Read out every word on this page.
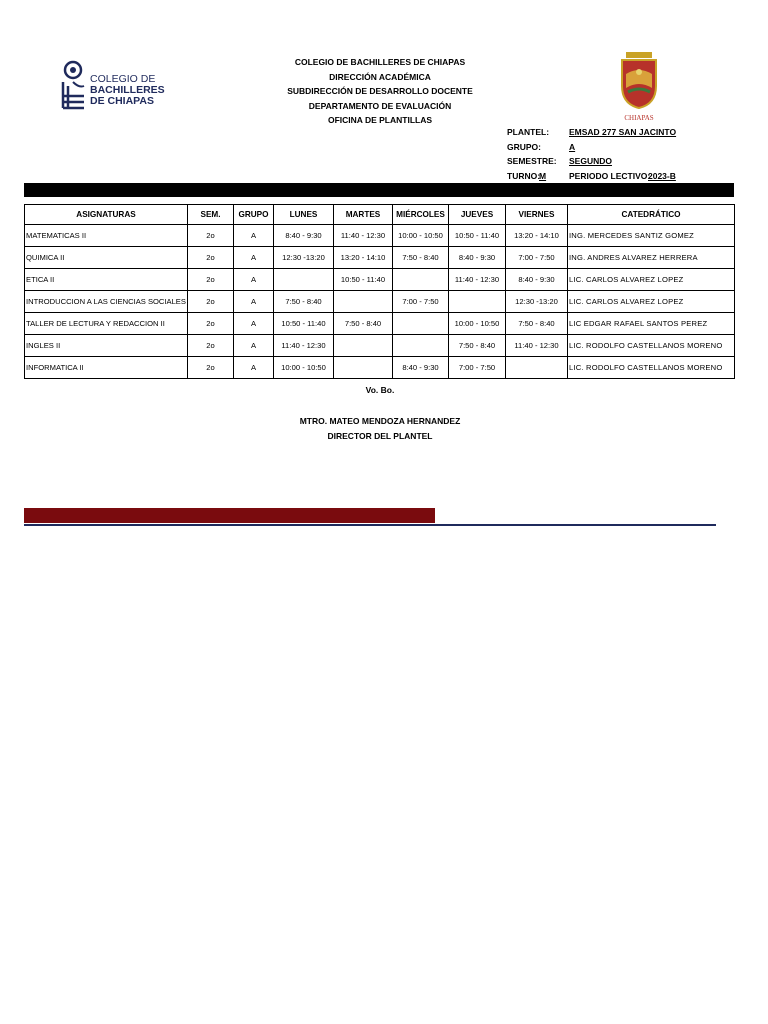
COLEGIO DE
BACHILLERES
DE CHIAPAS
COLEGIO DE BACHILLERES DE CHIAPAS
DIRECCIÓN ACADÉMICA
SUBDIRECCIÓN DE DESARROLLO DOCENTE
DEPARTAMENTO DE EVALUACIÓN
OFICINA DE PLANTILLAS	CHIAPAS
PLANTEL: EMSAD 277 SAN JACINTO
GRUPO:	A
SEMESTRE: SEGUNDO
TURNO:
M	PERIODO LECTIVO:
2023-B
ASIGNATURAS	SEM.	GRUPO	LUNES	MARTES	MIÉRCOLES	JUEVES	VIERNES	CATEDRÁTICO
MATEMATICAS II	2o	A	8:40 - 9:30	11:40 - 12:30	10:00 - 10:50	10:50 - 11:40	13:20 - 14:10	ING. MERCEDES SANTIZ GOMEZ
QUIMICA II	2o	A	12:30 -13:20	13:20 - 14:10	7:50 - 8:40	8:40 - 9:30	7:00 - 7:50	ING. ANDRES ALVAREZ HERRERA
ETICA II	2o	A		10:50 - 11:40		11:40 - 12:30	8:40 - 9:30	LIC. CARLOS ALVAREZ LOPEZ
INTRODUCCION A LAS CIENCIAS SOCIALES	2o	A	7:50 - 8:40		7:00 - 7:50		12:30 -13:20	LIC. CARLOS ALVAREZ LOPEZ
TALLER DE LECTURA Y REDACCION II	2o	A	10:50 - 11:40	7:50 - 8:40		10:00 - 10:50	7:50 - 8:40	LIC EDGAR RAFAEL SANTOS PEREZ
INGLES II	2o	A	11:40 - 12:30			7:50 - 8:40	11:40 - 12:30	LIC. RODOLFO CASTELLANOS MORENO
INFORMATICA II	2o	A	10:00 - 10:50		8:40 - 9:30	7:00 - 7:50		LIC. RODOLFO CASTELLANOS MORENO
Vo. Bo.
MTRO. MATEO MENDOZA HERNANDEZ
DIRECTOR DEL PLANTEL
